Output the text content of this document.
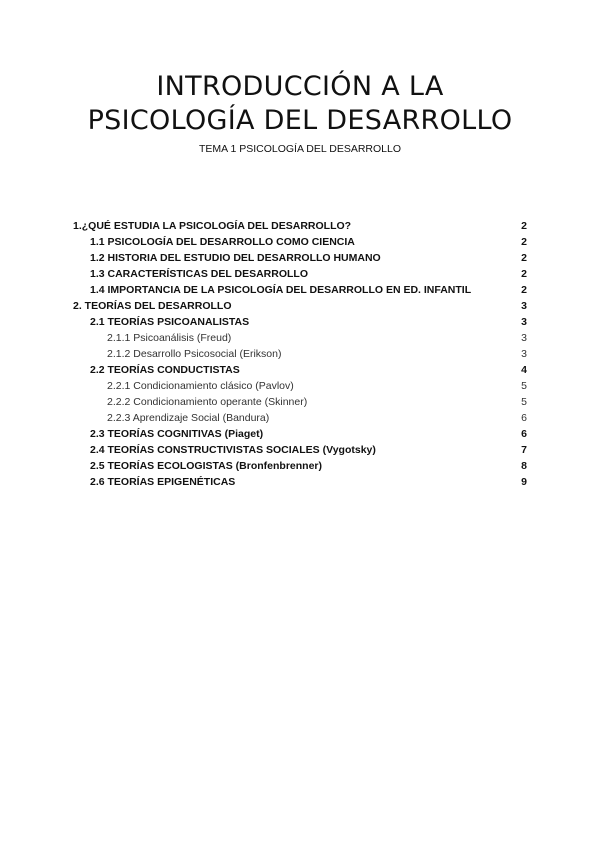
INTRODUCCIÓN A LA
PSICOLOGÍA DEL DESARROLLO
TEMA 1 PSICOLOGÍA DEL DESARROLLO
1.¿QUÉ ESTUDIA LA PSICOLOGÍA DEL DESARROLLO?	2
1.1 PSICOLOGÍA DEL DESARROLLO COMO CIENCIA	2
1.2 HISTORIA DEL ESTUDIO DEL DESARROLLO HUMANO	2
1.3 CARACTERÍSTICAS DEL DESARROLLO	2
1.4 IMPORTANCIA DE LA PSICOLOGÍA DEL DESARROLLO EN ED. INFANTIL	2
2. TEORÍAS DEL DESARROLLO	3
2.1 TEORÍAS PSICOANALISTAS	3
2.1.1 Psicoanálisis (Freud)	3
2.1.2 Desarrollo Psicosocial (Erikson)	3
2.2 TEORÍAS CONDUCTISTAS	4
2.2.1 Condicionamiento clásico (Pavlov)	5
2.2.2 Condicionamiento operante (Skinner)	5
2.2.3 Aprendizaje Social (Bandura)	6
2.3 TEORÍAS COGNITIVAS (Piaget)	6
2.4 TEORÍAS CONSTRUCTIVISTAS SOCIALES (Vygotsky)	7
2.5 TEORÍAS ECOLOGISTAS (Bronfenbrenner)	8
2.6 TEORÍAS EPIGENÉTICAS	9
